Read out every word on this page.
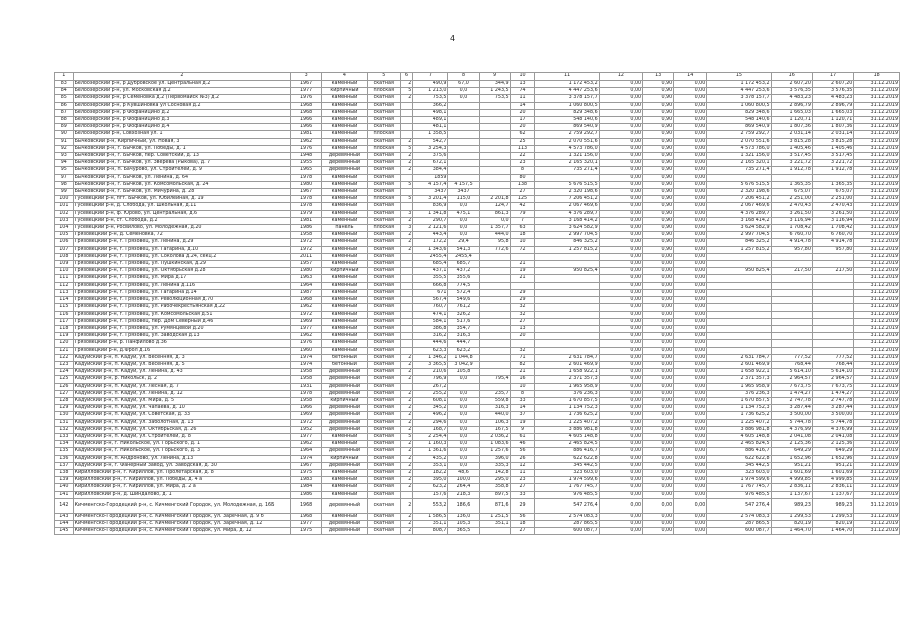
4
1	2	3	4	5	6	7	8	9	10	11	12	13	14	15	16	17	18
83	Белоозерский р-н, р Дубровское ул. Центральная д.2	1967	каменный	скатная	2	490,9	67,0	344,9	13	1 172 453,2	0,00	0,90	0,00	1 172 453,2	2 607,20	2 607,20	31.12.2019
84	Белоозерский р-н, ул. Московская д.2	1977	кирпичный	плоская	5	1 213,0	0,0	1 243,5	74	4 447 253,6	0,00	0,90	0,00	4 447 253,6	3 576,35	3 576,35	31.12.2019
85	Белоозерский р-н, р Семеновка д.2 (Первомайск №3) д.2	1976	каменный	скатная	2	753,5	0,0	753,5	11	3 378 157,7	0,00	0,90	0,00	3 378 157,7	4 483,23	4 483,23	31.12.2019
86	Белоозерский р-н, р Кувшиновка ул Сосновая д.2	1968	каменный	скатная		366,2			14	1 060 800,5	0,00	0,90	0,00	1 060 800,5	2 896,79	2 896,79	31.12.2019
87	Белоозерский р-н, р Фофаницино д.2	1968	каменный	скатная		498,1			20	829 348,6	0,00	0,90	0,00	829 348,6	1 665,03	1 665,03	31.12.2019
88	Белоозерский р-н, р Фофаницино д.3	1966	каменный	скатная		489,1			17	548 140,6	0,00	0,90	0,00	548 140,6	1 120,71	1 120,71	31.12.2019
89	Белоозерский р-н, р Фофаницино д.4	1966	каменный	скатная		481,1			20	869 540,9	0,00	0,90	0,00	869 540,9	1 807,36	1 807,36	31.12.2019
90	Белоозерский р-н, Совхозная ул. 1	1981	каменный	плоская		1 358,5			62	2 759 292,7	0,00	0,90	0,00	2 759 292,7	2 031,14	2 031,14	31.12.2019
91	Бычковский р-н, Кирпичный, ул. Новая, 3	1962	каменный	скатная	2	542,7			25	2 070 551,6	0,00	0,90	0,00	2 070 551,6	3 815,28	3 815,28	31.12.2019
92	Бычковский р-н, г. Бычков, ул. Победы, д. 1	1976	каменный	плоская	5	3 254,3			113	4 573 786,0	0,00	0,90	0,00	4 573 786,0	1 405,46	1 405,46	31.12.2019
93	Бычковский р-н, г. Бычков, пер. Советский, д. 13	1948	деревянный	скатная	2	375,6			22	1 321 156,0	0,00	0,90	0,00	1 321 156,0	3 517,45	3 517,45	31.12.2019
94	Бычковский р-н, г. Бычков, ул. Зверева (Рыкова), д. 7	1955	деревянный	скатная	2	672,1			23	2 165 320,1	0,00	0,90	0,00	2 165 320,1	3 221,72	3 221,72	31.12.2019
95	Бычковский р-н, п. Бачурово, ул. Строителей, д. 9	1965	деревянный	скатная	2	384,4			8	735 271,4	0,00	0,90	0,00	735 271,4	1 912,78	1 912,78	31.12.2019
97	Бычковский р-н, г. Бычков, ул. Ленина, д. 64	1978	каменный	скатная		1859			80		0,00	0,90	0,00				31.12.2019
98	Бычковский р-н, г. Бычков, ул. Комсомольская, д. 24	1980	каменный	скатная	5	4 157,4	4 157,5		138	5 676 515,5	0,00	0,90	0,00	5 676 515,5	1 365,35	1 365,35	31.12.2019
99	Бычковский р-н, г. Бычков, ул. Мичурина, д. 28	1967	каменный	скатная		3437	3437		27	2 320 198,6	0,00	0,90	0,00	2 320 198,6	675,07	675,07	31.12.2019
100	Гусевецкий р-н, пгт. Бычков, ул. Юбилейная, д. 19	1978	каменный	плоская	5	3 201,4	115,0	2 201,8	125	7 206 451,2	0,00	0,90	0,00	7 206 451,2	2 251,00	2 251,00	31.12.2019
101	Гусевецкий р-н, д. Слобода, ул. Школьная, д.11	1978	каменный	скатная		836,9	0,0	124,7	42	2 067 469,6	0,00	0,90	0,00	2 067 469,6	2 470,43	2 470,43	31.12.2019
102	Гусевецкий р-н, ф. Юрово, ул. Центральная, д.6	1979	каменный	скатная	3	1 341,8	475,1	861,3	79	4 376 289,7	0,00	0,90	0,00	4 376 289,7	3 261,50	3 261,50	31.12.2019
103	Гусевецкий р-н, ст. Слобода, д.2	1981	каменный	скатная	2	290,7	0,0	0,0	7	3 168 414,2	0,00	0,90	0,00	3 168 414,2	3 116,94	3 116,94	31.12.2019
104	Гусевецкий р-н, Росвилово, ул. Молодежная, д.20	1986	панель	плоская	3	2 121,6	0,0	1 357,7	63	3 624 582,9	0,00	0,90	0,00	3 624 582,9	1 708,42	1 708,42	31.12.2019
105	Грязовецкий р-н, д. Семеновка, 72	1958	каменный	скатная	2	443,4	0,0	444,0	18	2 997 704,5	0,00	0,90	0,00	2 997 704,5	6 760,70	6 760,70	31.12.2019
106	Грязовецкий р-н, г. Грязовец, ул. Ленина, д.29	1972	каменный	скатная	2	172,2	29,4	95,8	10	846 325,2	0,00	0,90	0,00	846 325,2	4 914,78	4 914,78	31.12.2019
107	Грязовецкий р-н, г. Грязовец, ул. Гагарина, д.10	1972	каменный	скатная	2	1 343,6	541,3	772,6	72	1 257 815,2	0,00	0,90	0,00	1 257 815,2	957,80	957,80	31.12.2019
108	Грязовецкий р-н, г. Грязовец, ул. Соколова д.24, секц.2	2011	каменный	скатная		2455,4	2455,4				0,00	0,00	0,00				31.12.2019
109	Грязовецкий р-н, г. Грязовец, ул. Пушкинская, д.29	1957	каменный	скатная		685,4	685,7		21		0,00	0,00	0,00				31.12.2019
110	Грязовецкий р-н, г. Грязовец, ул. Октябрьская д.28	1980	кирпичный	скатная		437,1	437,2		19	950 825,4	0,00	0,00	0,00	950 825,4	217,50	217,50	31.12.2019
111	Грязовецкий р-н, г. Грязовец, ул. Мира д.17	1963	каменный	скатная		355,5	355,6		21		0,00	0,00	0,00				31.12.2019
112	Грязовецкий р-н, г. Грязовец, ул. Ленина д.116	1964	каменный	скатная		666,8	774,5				0,00	0,00	0,00				31.12.2019
113	Грязовецкий р-н, г. Грязовец, ул. Гагарина д.14	1987	каменный	скатная		671	572,4		29		0,00	0,00	0,00				31.12.2019
114	Грязовецкий р-н, г. Грязовец, ул. Революционная д.70	1968	каменный	скатная		567,4	549,6		29		0,00	0,00	0,00				31.12.2019
115	Грязовецкий р-н, г. Грязовец, ул. Рабочекрестьянская д.22	1962	каменный	скатная		760,7	761,2		32		0,00	0,00	0,00				31.12.2019
116	Грязовецкий р-н, г. Грязовец, ул. Комсомольская д.51	1972	каменный	скатная		474,1	326,2		32		0,00	0,00	0,00				31.12.2019
117	Грязовецкий р-н, г. Грязовец, пер. Дом Северный д.46	1969	каменный	скатная		584,1	517,6		27		0,00	0,00	0,00				31.12.2019
118	Грязовецкий р-н, г. Грязовец, ул. Румянцевой д.20	1977	каменный	скатная		386,8	354,7		13		0,00	0,00	0,00				31.12.2019
119	Грязовецкий р-н, г. Грязовец, ул. Заводская д.13	1962	каменный	скатная		316,2	316,3		20		0,00	0,00	0,00				31.12.2019
120	Грязовецкий р-н, р. Панфилово д.36	1976	каменный	скатная		444,6	444,7				0,00	0,00	0,00				31.12.2019
121	Грязовецкий р-н, д.Фрол д.16	1960	каменный	скатная		623,3	623,2		32		0,00	0,00	0,00				31.12.2019
122	Кадуйский р-н, п. Кадуй, ул. Весенняя, д. 3	1974	бетонный	скатная	2	1 346,2	1 044,8		71	2 631 784,7	0,00	0,00	0,00	2 631 784,7	777,52	777,52	31.12.2019
123	Кадуйский р-н, п. Кадуй, ул. Весенняя, д. 5	1974	бетонный	скатная	2	3 365,5	3 042,9		82	2 601 469,9	0,00	0,00	0,00	2 601 469,9	768,44	768,44	31.12.2019
124	Кадуйский р-н, п. Кадуй, ул. Ленина, д. 43	1958	деревянный	скатная	2	210,6	105,8		21	1 658 922,1	0,00	0,00	0,00	1 658 922,1	5 614,10	5 614,10	31.12.2019
125	Кадуйский р-н, р. Никольск, д. 2	1958	деревянный	скатная	2	796,9	0,0	795,4	16	2 371 357,3	0,00	0,00	0,00	2 371 357,3	2 964,57	2 964,57	31.12.2019
126	Кадуйский р-н, п. Кадуй, ул. Лесная, д. 7	1931	деревянный	скатная		267,2			10	1 965 958,9	0,00	0,00	0,00	1 965 958,9	7 673,75	7 673,75	31.12.2019
127	Кадуйский р-н, п. Кадуй, ул. Ленина, д. 12	1978	деревянный	скатная	2	255,2	0,0	235,7	8	376 236,3	0,00	0,00	0,00	376 236,3	1 474,27	1 474,27	31.12.2019
128	Кадуйский р-н, п. Кадуй, ул. Мира, д. 5	1958	кирпичный	скатная	2	608,1	0,0	559,8	33	1 670 857,5	0,00	0,00	0,00	1 670 857,5	2 747,78	2 747,78	31.12.2019
129	Кадуйский р-н, п. Кадуй, ул. Чапаева, д. 10	1966	деревянный	скатная	2	345,2	0,0	316,3	14	1 134 752,3	0,00	0,00	0,00	1 134 752,3	3 287,44	3 287,44	31.12.2019
130	Кадуйский р-н, п. Кадуй, ул. Советская, д. 33	1969	деревянный	скатная	2	496,2	0,0	440,0	37	1 736 625,2	0,00	0,00	0,00	1 736 625,2	3 500,00	3 500,00	31.12.2019
131	Кадуйский р-н, п. Кадуй, ул. Заболотная, д. 13	1972	деревянный	скатная	2	294,6	0,0	106,3	19	1 225 407,2	0,00	0,00	0,00	1 225 407,2	5 744,78	5 744,78	31.12.2019
132	Кадуйский р-н, п. Кадуй, ул. Октябрьская, д. 26	1952	деревянный	скатная	2	168,7	0,0	167,5	9	3 886 981,8	0,00	0,00	0,00	3 886 981,8	4 376,99	4 376,99	31.12.2019
133	Кадуйский р-н, п. Кадуй, ул. Строителей, д. 8	1977	каменный	скатная	5	2 254,4	0,0	2 036,2	61	4 605 148,8	0,00	0,00	0,00	4 605 148,8	2 041,08	2 041,08	31.12.2019
134	Кадуйский р-н, г. Никольское, ул. Горьского, д. 1	1962	каменный	скатная	2	1 160,3	0,0	1 083,6	46	2 465 824,5	0,00	0,00	0,00	2 465 824,5	2 125,36	2 125,36	31.12.2019
135	Кадуйский р-н, г. Никольское, ул. Горьского, д. 3	1964	деревянный	скатная	2	1 361,6	0,0	1 257,6	56	886 416,7	0,00	0,00	0,00	886 416,7	649,29	649,29	31.12.2019
136	Кадуйский р-н, п. Андроново, ул. Ленина, д.13	1974	кирпичный	скатная	2	435,2	0,0	396,0	26	622 622,8	0,00	0,00	0,00	622 622,8	1 652,96	1 652,96	31.12.2019
137	Кадуйский р-н, г. Фанерный Завод, ул. Заводская, д. 30	1967	деревянный	скатная	2	353,1	0,0	335,3	12	345 442,5	0,00	0,00	0,00	345 442,5	951,21	951,21	31.12.2019
138	Кирилловский р-н, г. Кириллов, ул. Пролетарская, д. 8	1975	каменный	скатная	2	182,2	48,6	142,8	11	323 603,0	0,00	0,00	0,00	323 603,0	1 601,69	1 601,69	31.12.2019
139	Кирилловский р-н, г. Кириллов, ул. Победы, д. 4 а	1983	каменный	скатная	2	395,0	100,0	295,0	23	1 974 599,6	0,00	0,00	0,00	1 974 599,6	4 999,85	4 999,85	31.12.2019
140	Кирилловский р-н, г. Кириллов, ул. Мира, д. 2 а	1984	каменный	скатная	2	623,2	264,4	358,8	27	1 767 745,7	0,00	0,00	0,00	1 767 745,7	2 836,11	2 836,11	31.12.2019
141	Кирилловский р-н, д. Шиндалово, д. 1	1986	каменный	скатная		157,6	218,3	897,5	33	976 485,5	0,00	0,00	0,00	976 485,5	1 137,67	1 137,67	31.12.2019
142	Кичменгско-Городецкий р-н, с. Кичменгский Городок, ул. Молодежная, д. 16Б	1968	деревянный	скатная	2	553,2	186,6	871,6	29	547 276,4	0,00	0,00	0,00	547 276,4	989,23	989,23	31.12.2019
143	Кичменгско-Городецкий р-н, с. Кичменгский Городок, ул. Заречная, д. 9 б	1968	каменный	скатная	2	1 586,5	136,0	1 251,5	56	2 574 083,3	0,00	0,00	0,00	2 574 083,3	1 299,53	1 299,53	31.12.2019
144	Кичменгско-Городецкий р-н, с. Кичменгский Городок, ул. Заречная, д. 12	1977	деревянный	скатная	2	351,1	105,3	351,1	18	287 865,5	0,00	0,00	0,00	287 865,5	820,19	820,19	31.12.2019
145	Кичменгско-Городецкий р-н, с. Кичменгский Городок, ул. Мира, д. 12	1975	деревянный	скатная	2	808,7	365,5		27	600 087,7	0,00	0,00	0,00	600 087,7	1 464,70	1 464,70	31.12.2019
